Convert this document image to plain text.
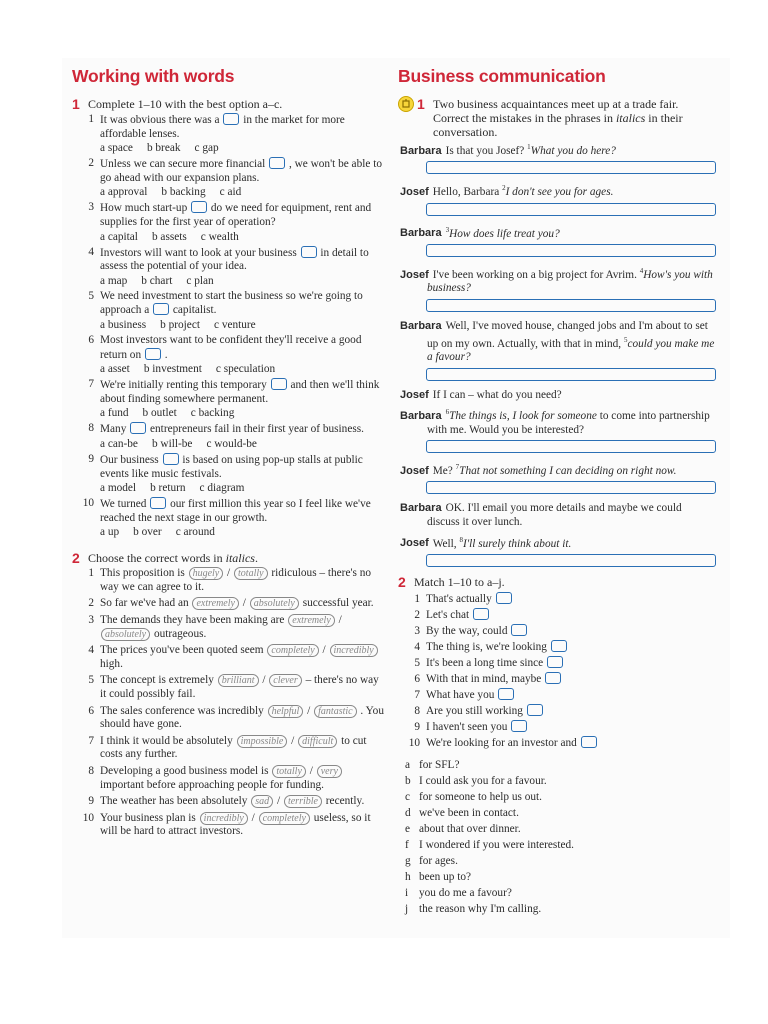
Working with words
1 Complete 1–10 with the best option a–c.
1 It was obvious there was a in the market for more affordable lenses.
a space b break c gap
2 Unless we can secure more financial , we won't be able to go ahead with our expansion plans.
a approval b backing c aid
3 How much start-up do we need for equipment, rent and supplies for the first year of operation?
a capital b assets c wealth
4 Investors will want to look at your business in detail to assess the potential of your idea.
a map b chart c plan
5 We need investment to start the business so we're going to approach a capitalist.
a business b project c venture
6 Most investors want to be confident they'll receive a good return on .
a asset b investment c speculation
7 We're initially renting this temporary and then we'll think about finding somewhere permanent.
a fund b outlet c backing
8 Many entrepreneurs fail in their first year of business.
a can-be b will-be c would-be
9 Our business is based on using pop-up stalls at public events like music festivals.
a model b return c diagram
10 We turned our first million this year so I feel like we've reached the next stage in our growth.
a up b over c around
2 Choose the correct words in italics.
1 This proposition is hugely / totally ridiculous – there's no way we can agree to it.
2 So far we've had an extremely / absolutely successful year.
3 The demands they have been making are extremely / absolutely outrageous.
4 The prices you've been quoted seem completely / incredibly high.
5 The concept is extremely brilliant / clever – there's no way it could possibly fail.
6 The sales conference was incredibly helpful / fantastic . You should have gone.
7 I think it would be absolutely impossible / difficult to cut costs any further.
8 Developing a good business model is totally / very important before approaching people for funding.
9 The weather has been absolutely sad / terrible recently.
10 Your business plan is incredibly / completely useless, so it will be hard to attract investors.
Business communication
1 Two business acquaintances meet up at a trade fair. Correct the mistakes in the phrases in italics in their conversation.
Barbara Is that you Josef? $^1$What you do here?
Josef Hello, Barbara $^2$I don't see you for ages.
Barbara $^3$How does life treat you?
Josef I've been working on a big project for Avrim. $^4$How's you with business?
Barbara Well, I've moved house, changed jobs and I'm about to set up on my own. Actually, with that in mind, $^5$could you make me a favour?
Josef If I can – what do you need?
Barbara $^6$The things is, I look for someone to come into partnership with me. Would you be interested?
Josef Me? $^7$That not something I can deciding on right now.
Barbara OK. I'll email you more details and maybe we could discuss it over lunch.
Josef Well, $^8$I'll surely think about it.
2 Match 1–10 to a–j.
1 That's actually
2 Let's chat
3 By the way, could
4 The thing is, we're looking
5 It's been a long time since
6 With that in mind, maybe
7 What have you
8 Are you still working
9 I haven't seen you
10 We're looking for an investor and
a for SFL?
b I could ask you for a favour.
c for someone to help us out.
d we've been in contact.
e about that over dinner.
f I wondered if you were interested.
g for ages.
h been up to?
i you do me a favour?
j the reason why I'm calling.
